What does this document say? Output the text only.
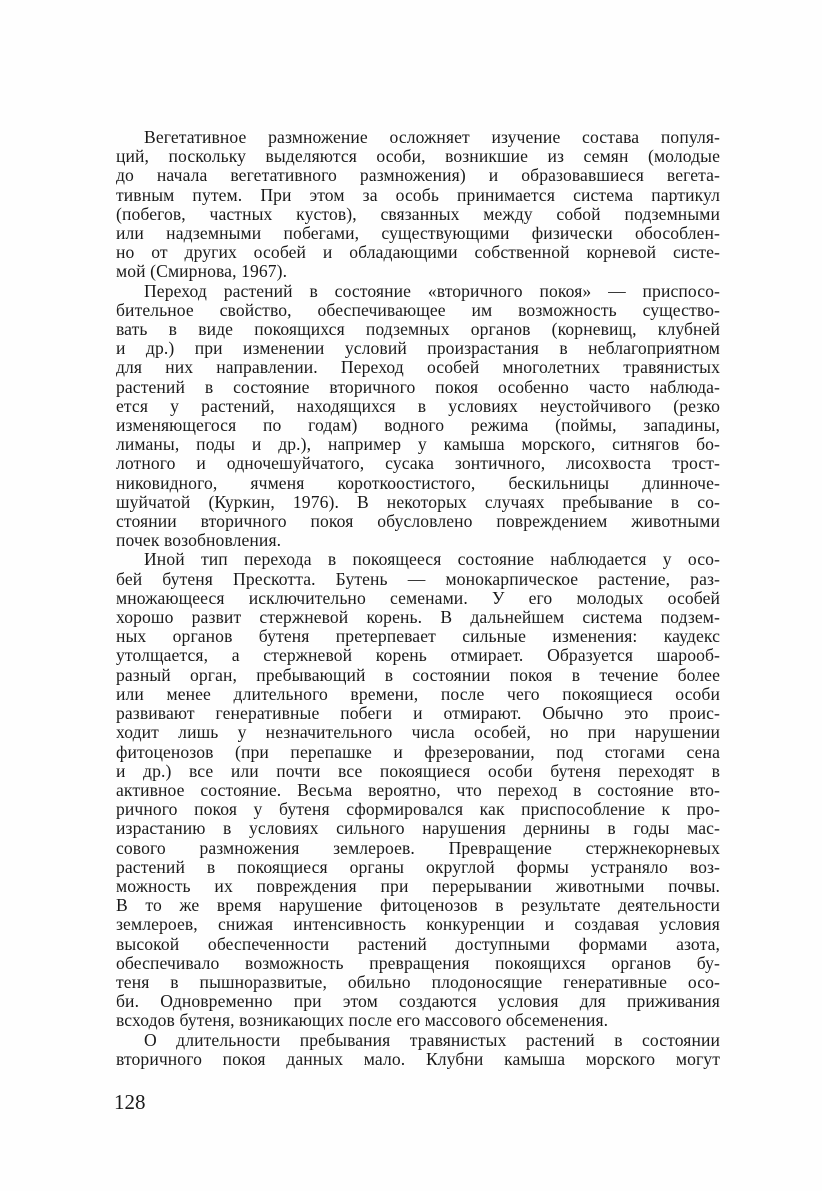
Вегетативное размножение осложняет изучение состава популя-
ций, поскольку выделяются особи, возникшие из семян (молодые
до начала вегетативного размножения) и образовавшиеся вегета-
тивным путем. При этом за особь принимается система партикул
(побегов, частных кустов), связанных между собой подземными
или надземными побегами, существующими физически обособлен-
но от других особей и обладающими собственной корневой систе-
мой (Смирнова, 1967).
Переход растений в состояние «вторичного покоя» — приспосо-
бительное свойство, обеспечивающее им возможность существо-
вать в виде покоящихся подземных органов (корневищ, клубней
и др.) при изменении условий произрастания в неблагоприятном
для них направлении. Переход особей многолетних травянистых
растений в состояние вторичного покоя особенно часто наблюда-
ется у растений, находящихся в условиях неустойчивого (резко
изменяющегося по годам) водного режима (поймы, западины,
лиманы, поды и др.), например у камыша морского, ситнягов бо-
лотного и одночешуйчатого, сусака зонтичного, лисохвоста трост-
никовидного, ячменя короткоостистого, бескильницы длинноче-
шуйчатой (Куркин, 1976). В некоторых случаях пребывание в со-
стоянии вторичного покоя обусловлено повреждением животными
почек возобновления.
Иной тип перехода в покоящееся состояние наблюдается у осо-
бей бутеня Прескотта. Бутень — монокарпическое растение, раз-
множающееся исключительно семенами. У его молодых особей
хорошо развит стержневой корень. В дальнейшем система подзем-
ных органов бутеня претерпевает сильные изменения: каудекс
утолщается, а стержневой корень отмирает. Образуется шарооб-
разный орган, пребывающий в состоянии покоя в течение более
или менее длительного времени, после чего покоящиеся особи
развивают генеративные побеги и отмирают. Обычно это проис-
ходит лишь у незначительного числа особей, но при нарушении
фитоценозов (при перепашке и фрезеровании, под стогами сена
и др.) все или почти все покоящиеся особи бутеня переходят в
активное состояние. Весьма вероятно, что переход в состояние вто-
ричного покоя у бутеня сформировался как приспособление к про-
израстанию в условиях сильного нарушения дернины в годы мас-
сового размножения землероев. Превращение стержнекорневых
растений в покоящиеся органы округлой формы устраняло воз-
можность их повреждения при перерывании животными почвы.
В то же время нарушение фитоценозов в результате деятельности
землероев, снижая интенсивность конкуренции и создавая условия
высокой обеспеченности растений доступными формами азота,
обеспечивало возможность превращения покоящихся органов бу-
теня в пышноразвитые, обильно плодоносящие генеративные осо-
би. Одновременно при этом создаются условия для приживания
всходов бутеня, возникающих после его массового обсеменения.
О длительности пребывания травянистых растений в состоянии
вторичного покоя данных мало. Клубни камыша морского могут
128
